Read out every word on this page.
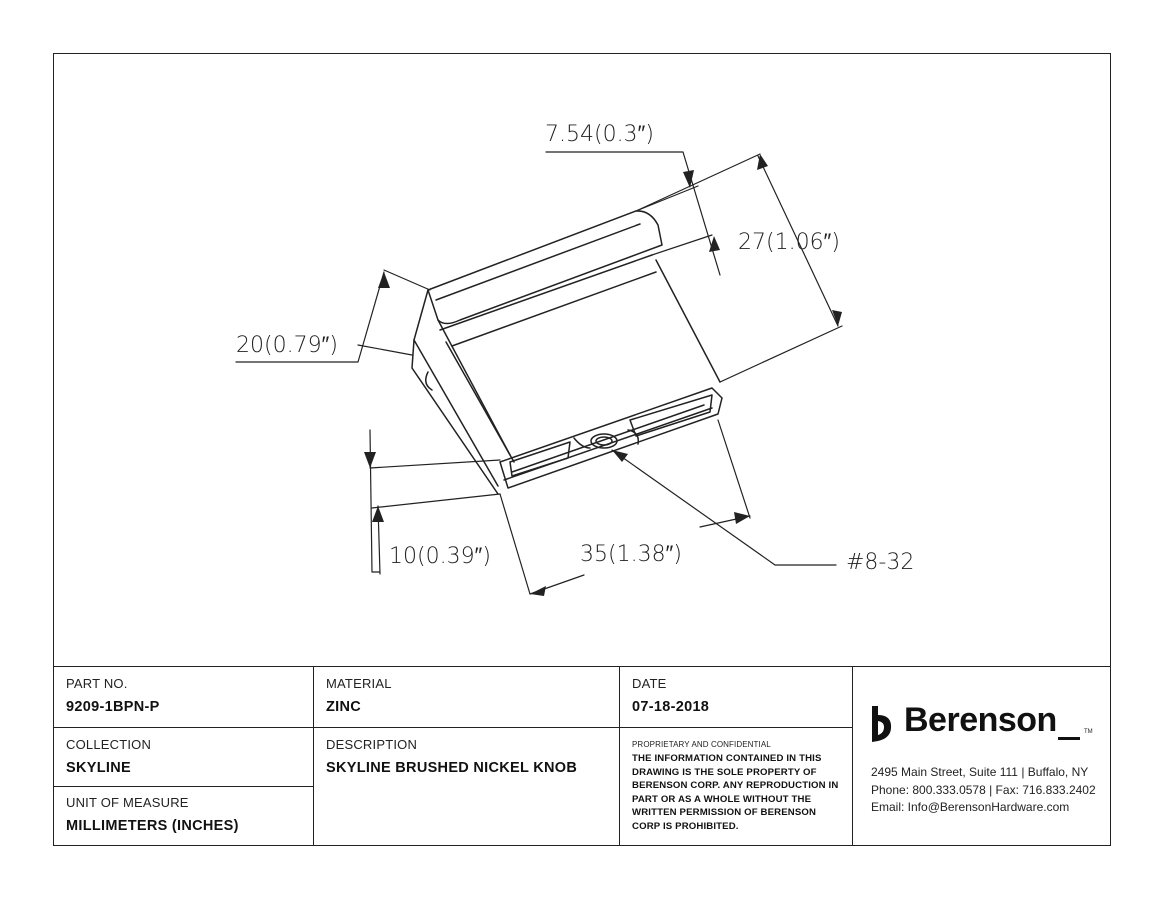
7.54(0.3″)
27(1.06″)
20(0.79″)
10(0.39″)	35(1.38″)	#8-32
PART NO.
9209-1BPN-P
MATERIAL
ZINC
DATE
07-18-2018
COLLECTION
SKYLINE
DESCRIPTION
SKYLINE BRUSHED NICKEL KNOB
UNIT OF MEASURE
MILLIMETERS (INCHES)
PROPRIETARY AND CONFIDENTIAL
THE INFORMATION CONTAINED IN THIS DRAWING IS THE SOLE PROPERTY OF BERENSON CORP. ANY REPRODUCTION IN PART OR AS A WHOLE WITHOUT THE WRITTEN PERMISSION OF BERENSON CORP IS PROHIBITED.
Berenson	TM
2495 Main Street, Suite 111 | Buffalo, NY
Phone: 800.333.0578 | Fax: 716.833.2402
Email: Info@BerensonHardware.com
